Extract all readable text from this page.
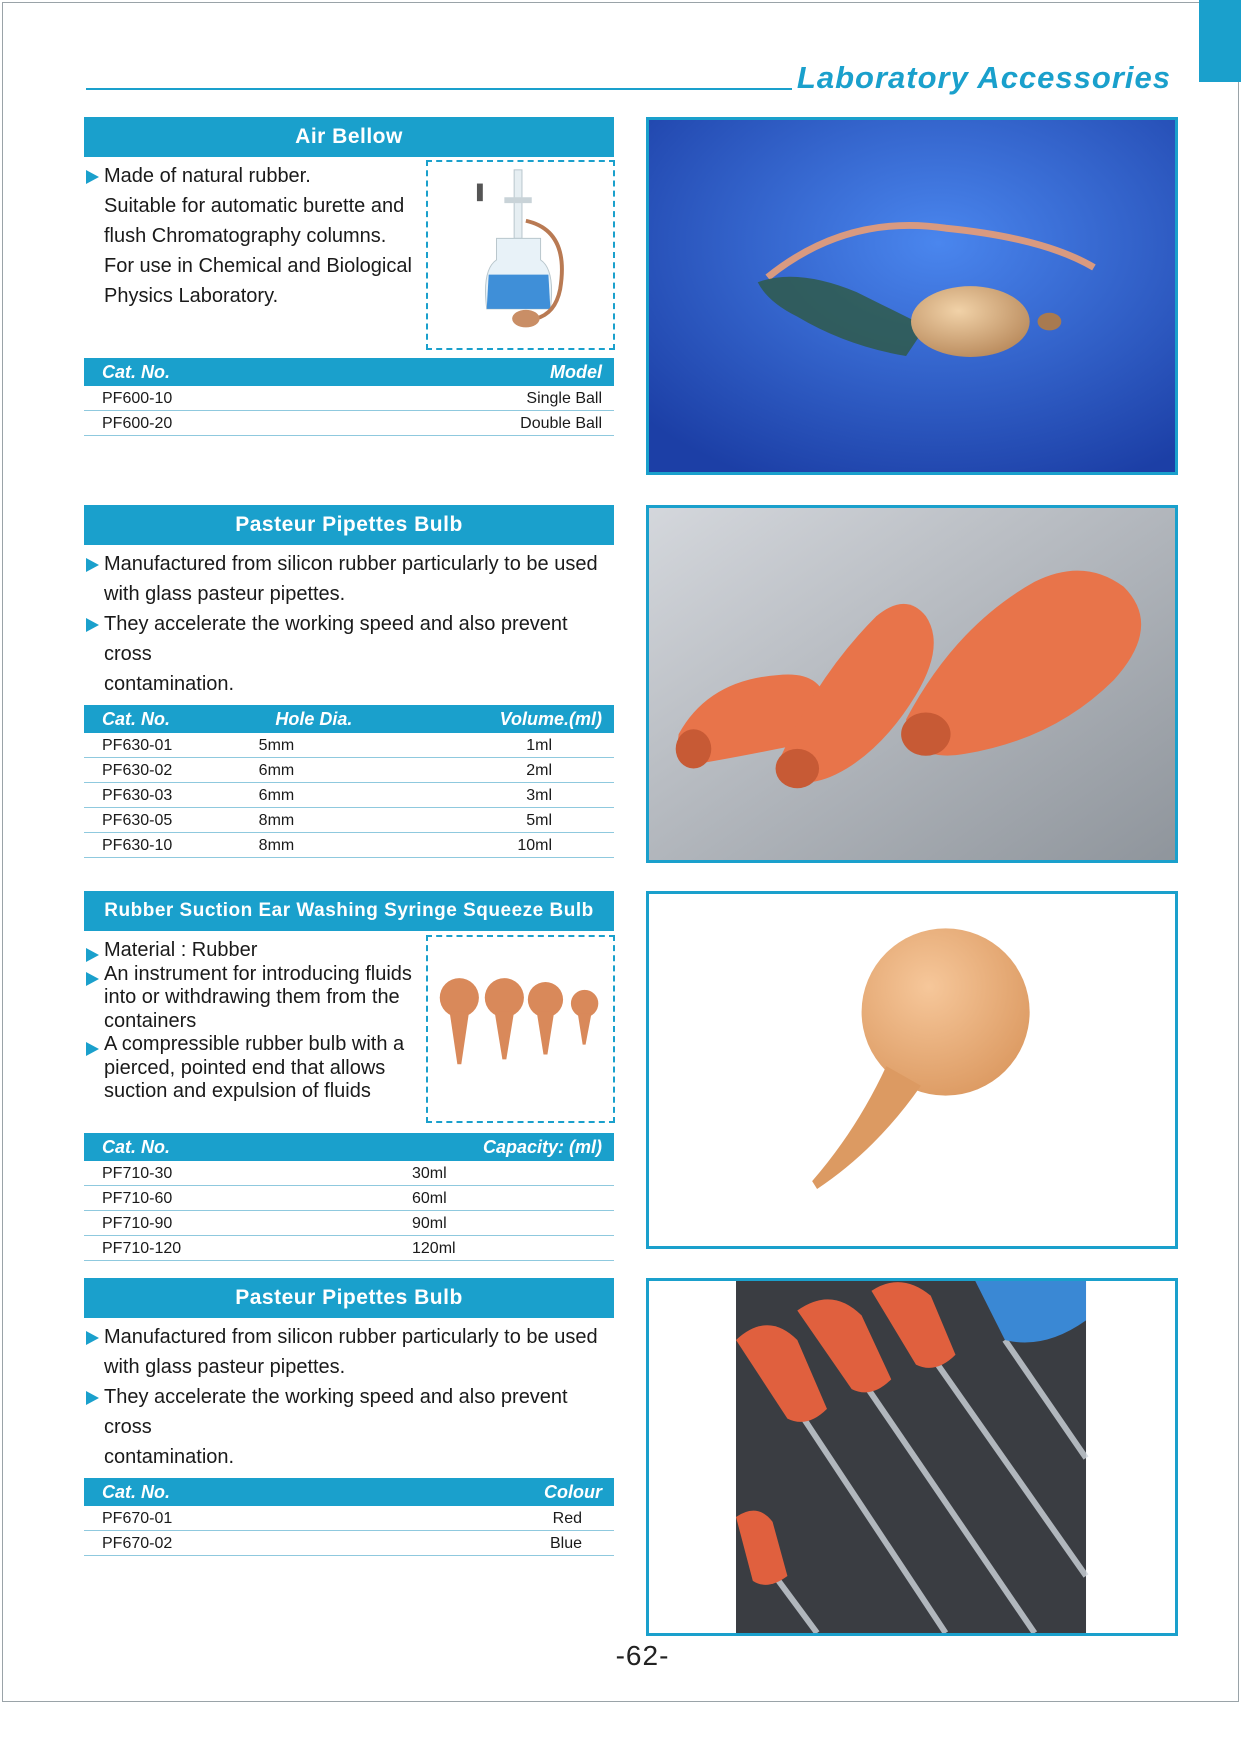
Laboratory Accessories
Air Bellow
Made of natural rubber.
Suitable for automatic burette and
flush Chromatography columns.
For use in Chemical and Biological
Physics Laboratory.
Cat. No.	Model
PF600-10	Single Ball
PF600-20	Double Ball
Pasteur Pipettes Bulb
Manufactured from silicon rubber particularly to be used
with glass pasteur pipettes.
They accelerate the working speed and also prevent cross
contamination.
Cat. No.	Hole Dia.	Volume.(ml)
PF630-01	5mm	1ml
PF630-02	6mm	2ml
PF630-03	6mm	3ml
PF630-05	8mm	5ml
PF630-10	8mm	10ml
Rubber Suction Ear Washing Syringe Squeeze Bulb
Material : Rubber
An instrument for introducing fluids
into or withdrawing them from the
containers
A compressible rubber bulb with a
pierced, pointed end that allows
suction and expulsion of fluids
Cat. No.	Capacity: (ml)
PF710-30	30ml
PF710-60	60ml
PF710-90	90ml
PF710-120	120ml
Pasteur Pipettes Bulb
Manufactured from silicon rubber particularly to be used
with glass pasteur pipettes.
They accelerate the working speed and also prevent cross
contamination.
Cat. No.	Colour
PF670-01	Red
PF670-02	Blue
-62-
